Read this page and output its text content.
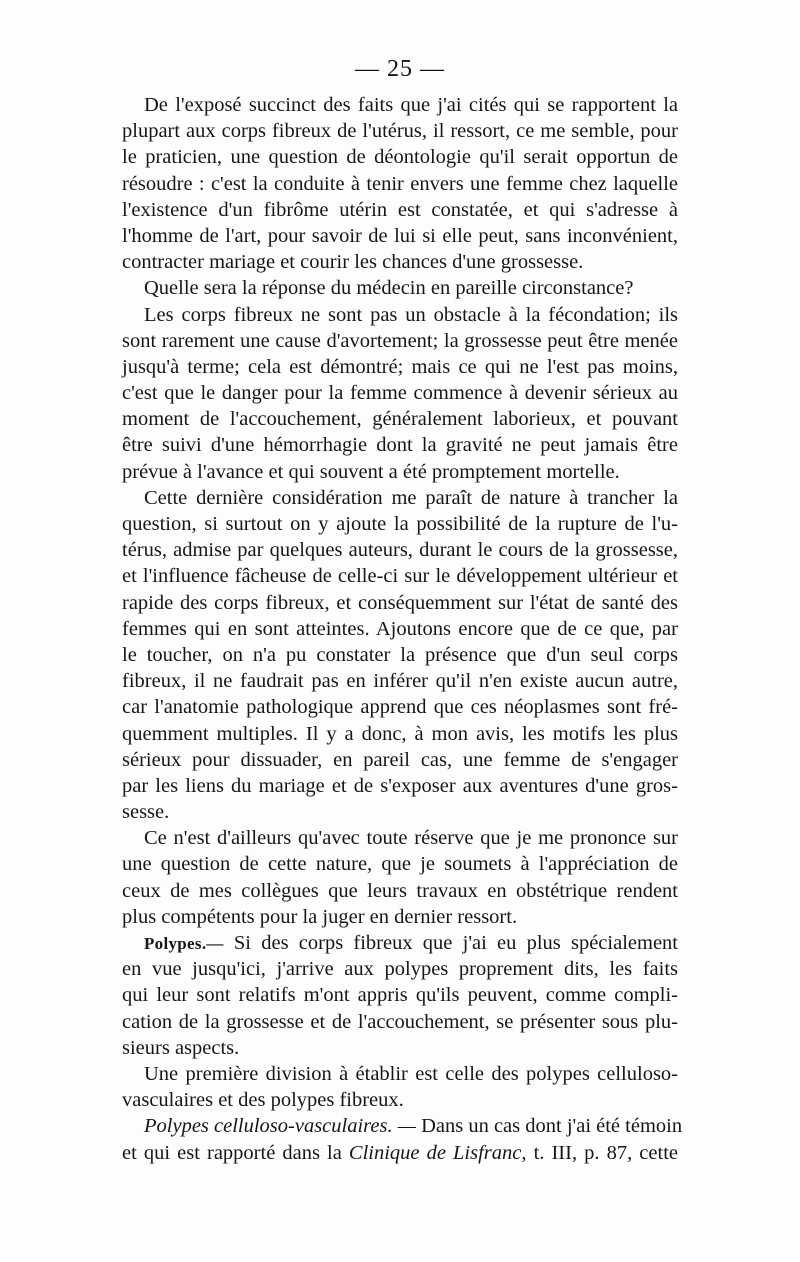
— 25 —
De l'exposé succinct des faits que j'ai cités qui se rapportent la
plupart aux corps fibreux de l'utérus, il ressort, ce me semble, pour
le praticien, une question de déontologie qu'il serait opportun de
résoudre : c'est la conduite à tenir envers une femme chez laquelle
l'existence d'un fibrôme utérin est constatée, et qui s'adresse à
l'homme de l'art, pour savoir de lui si elle peut, sans inconvénient,
contracter mariage et courir les chances d'une grossesse.
Quelle sera la réponse du médecin en pareille circonstance?
Les corps fibreux ne sont pas un obstacle à la fécondation; ils
sont rarement une cause d'avortement; la grossesse peut être menée
jusqu'à terme; cela est démontré; mais ce qui ne l'est pas moins,
c'est que le danger pour la femme commence à devenir sérieux au
moment de l'accouchement, généralement laborieux, et pouvant
être suivi d'une hémorrhagie dont la gravité ne peut jamais être
prévue à l'avance et qui souvent a été promptement mortelle.
Cette dernière considération me paraît de nature à trancher la
question, si surtout on y ajoute la possibilité de la rupture de l'u-
térus, admise par quelques auteurs, durant le cours de la grossesse,
et l'influence fâcheuse de celle-ci sur le développement ultérieur et
rapide des corps fibreux, et conséquemment sur l'état de santé des
femmes qui en sont atteintes. Ajoutons encore que de ce que, par
le toucher, on n'a pu constater la présence que d'un seul corps
fibreux, il ne faudrait pas en inférer qu'il n'en existe aucun autre,
car l'anatomie pathologique apprend que ces néoplasmes sont fré-
quemment multiples. Il y a donc, à mon avis, les motifs les plus
sérieux pour dissuader, en pareil cas, une femme de s'engager
par les liens du mariage et de s'exposer aux aventures d'une gros-
sesse.
Ce n'est d'ailleurs qu'avec toute réserve que je me prononce sur
une question de cette nature, que je soumets à l'appréciation de
ceux de mes collègues que leurs travaux en obstétrique rendent
plus compétents pour la juger en dernier ressort.
Polypes.— Si des corps fibreux que j'ai eu plus spécialement
en vue jusqu'ici, j'arrive aux polypes proprement dits, les faits
qui leur sont relatifs m'ont appris qu'ils peuvent, comme compli-
cation de la grossesse et de l'accouchement, se présenter sous plu-
sieurs aspects.
Une première division à établir est celle des polypes celluloso-
vasculaires et des polypes fibreux.
Polypes celluloso-vasculaires. — Dans un cas dont j'ai été témoin
et qui est rapporté dans la Clinique de Lisfranc, t. III, p. 87, cette
